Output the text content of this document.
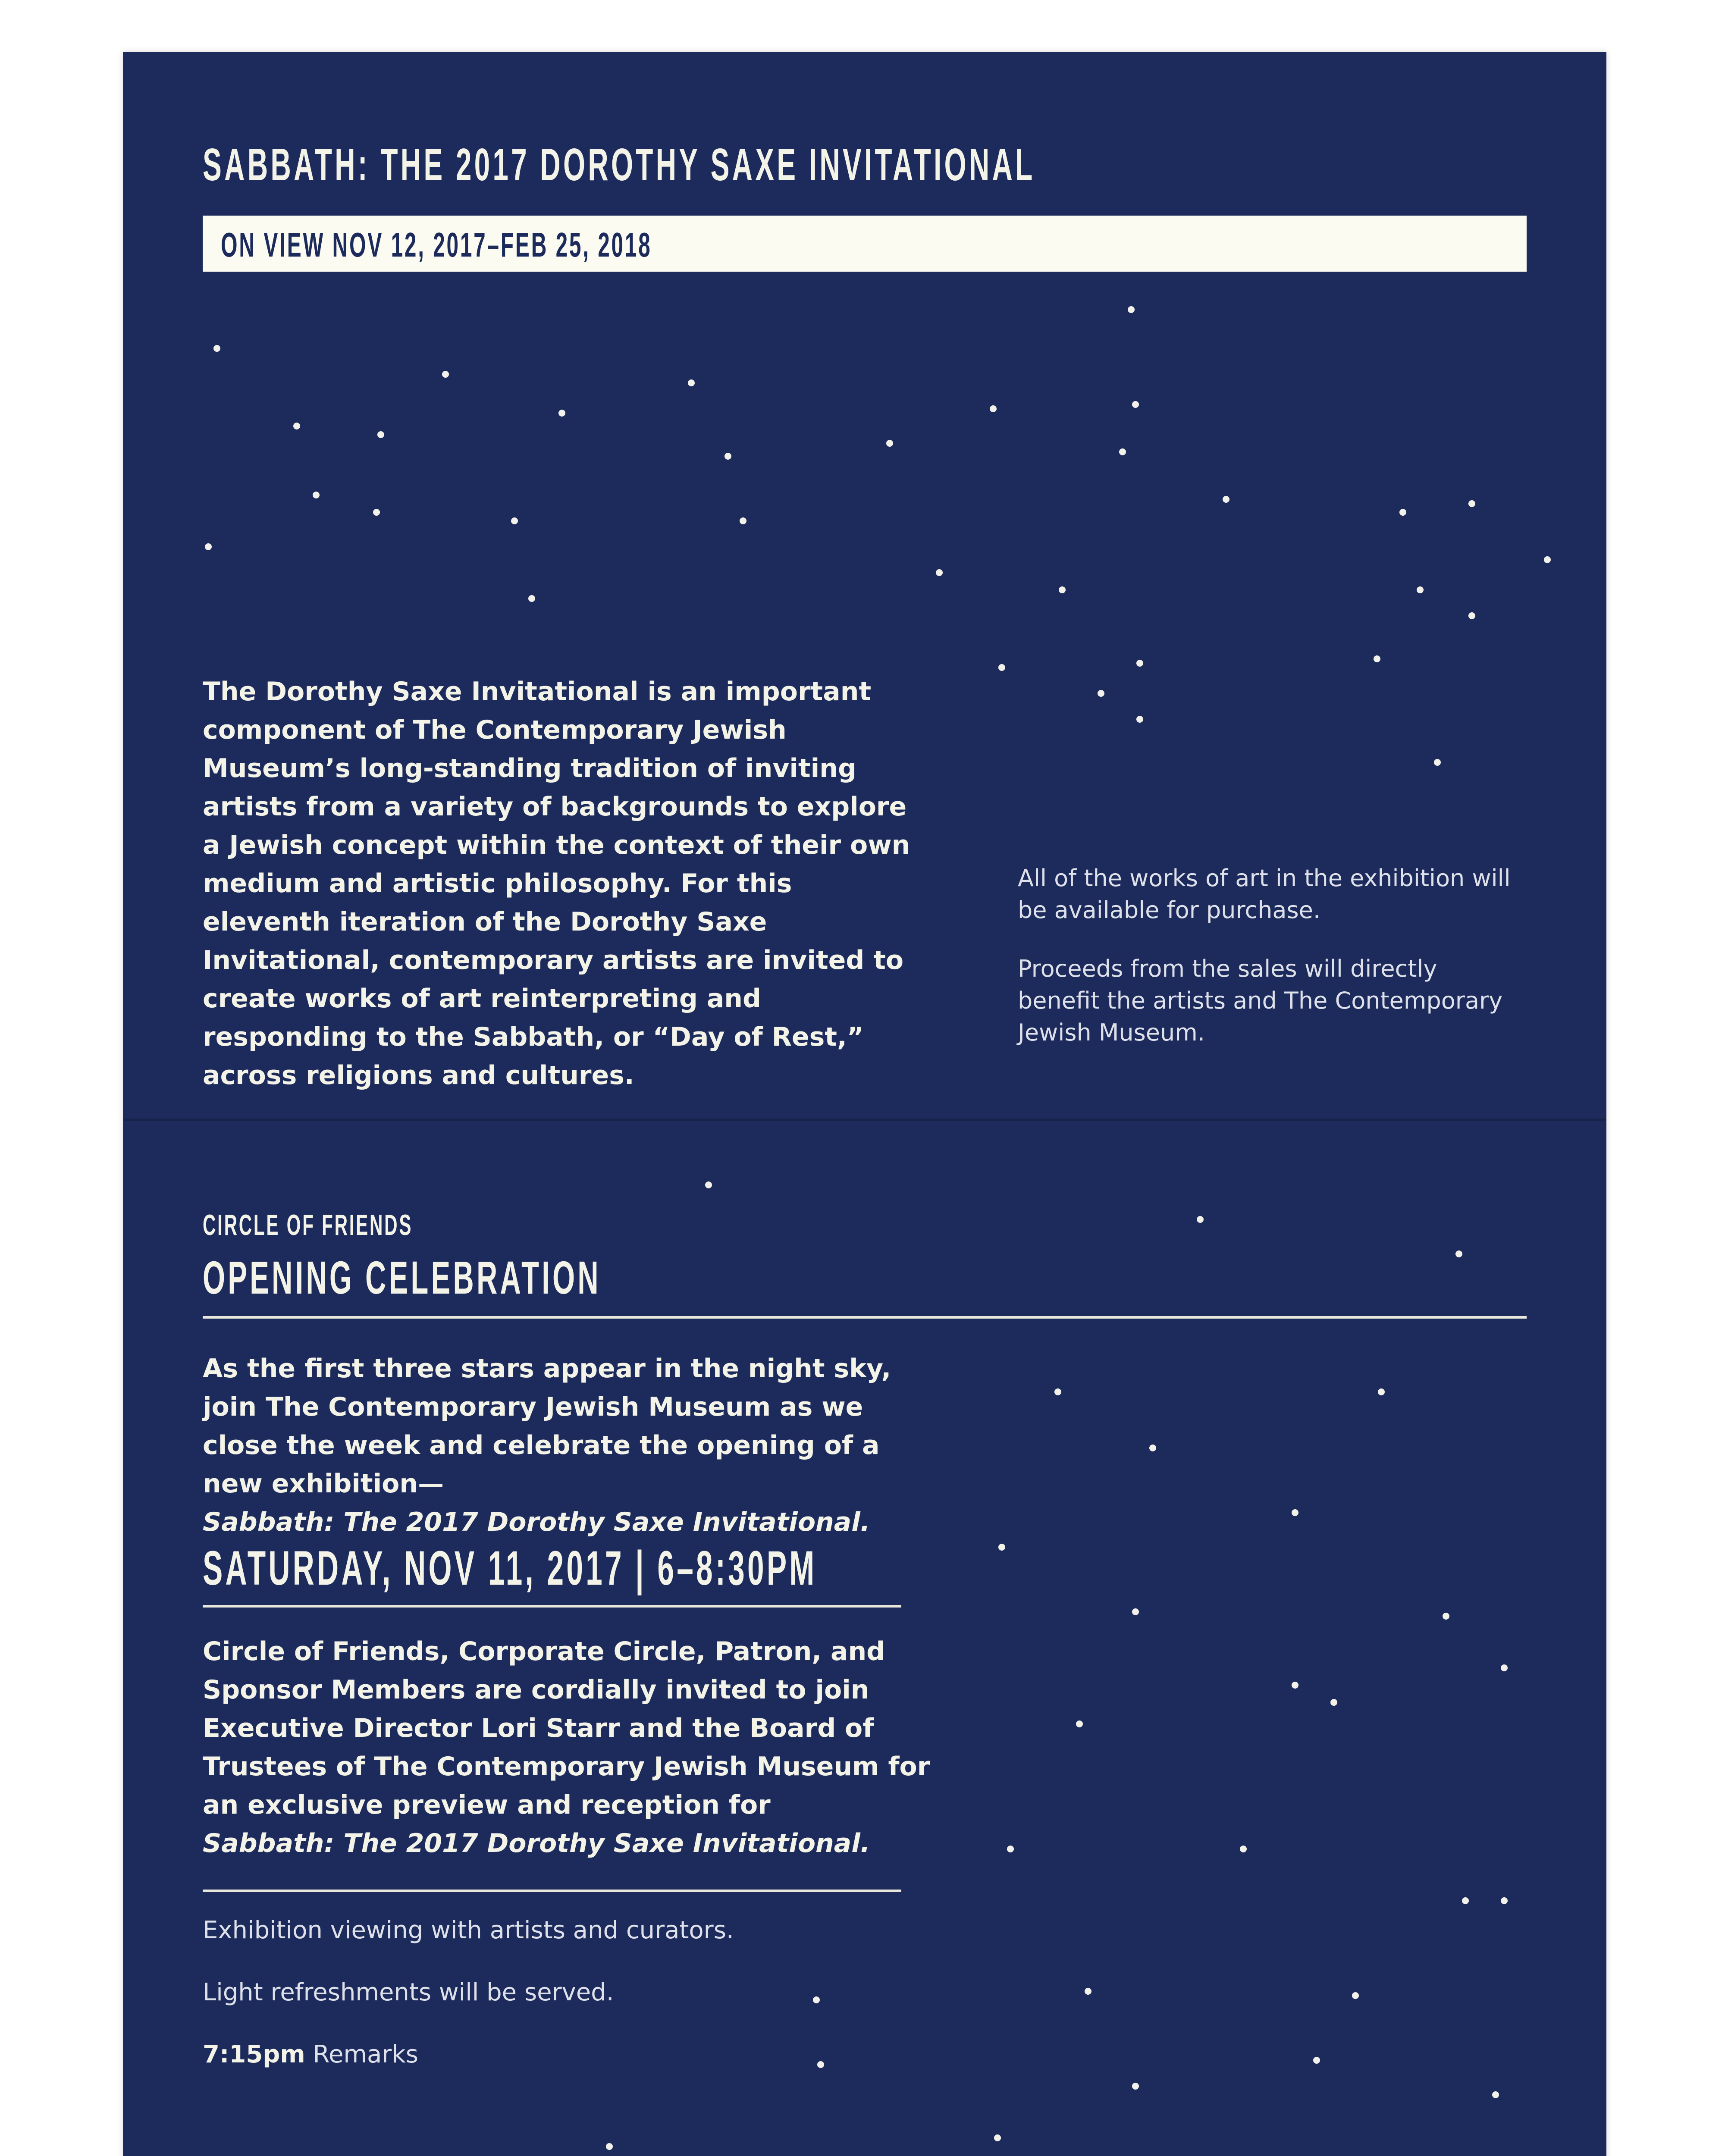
SABBATH: THE 2017 DOROTHY SAXE INVITATIONAL
ON VIEW NOV 12, 2017–FEB 25, 2018

The Dorothy Saxe Invitational is an important component of The Contemporary Jewish Museum’s long-standing tradition of inviting artists from a variety of backgrounds to explore a Jewish concept within the context of their own medium and artistic philosophy. For this eleventh iteration of the Dorothy Saxe Invitational, contemporary artists are invited to create works of art reinterpreting and responding to the Sabbath, or “Day of Rest,” across religions and cultures.

All of the works of art in the exhibition will be available for purchase.

Proceeds from the sales will directly benefit the artists and The Contemporary Jewish Museum.

CIRCLE OF FRIENDS
OPENING CELEBRATION

As the first three stars appear in the night sky, join The Contemporary Jewish Museum as we close the week and celebrate the opening of a new exhibition—
Sabbath: The 2017 Dorothy Saxe Invitational.

SATURDAY, NOV 11, 2017 | 6–8:30PM

Circle of Friends, Corporate Circle, Patron, and Sponsor Members are cordially invited to join Executive Director Lori Starr and the Board of Trustees of The Contemporary Jewish Museum for an exclusive preview and reception for
Sabbath: The 2017 Dorothy Saxe Invitational.

Exhibition viewing with artists and curators.

Light refreshments will be served.

7:15pm Remarks
